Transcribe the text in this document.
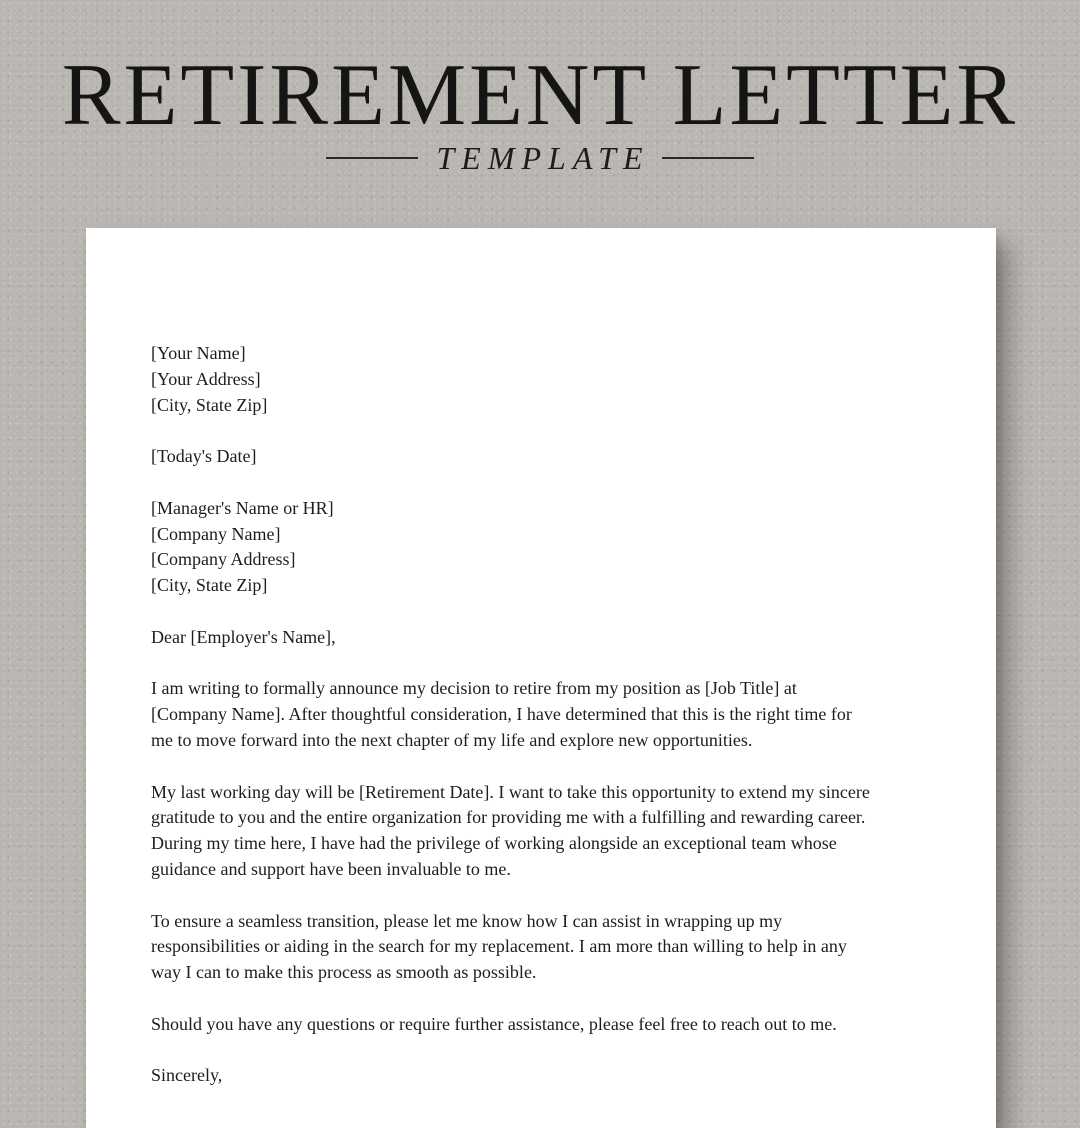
RETIREMENT LETTER
TEMPLATE
[Your Name]
[Your Address]
[City, State Zip]
[Today's Date]
[Manager's Name or HR]
[Company Name]
[Company Address]
[City, State Zip]
Dear [Employer's Name],
I am writing to formally announce my decision to retire from my position as [Job Title] at
[Company Name]. After thoughtful consideration, I have determined that this is the right time for
me to move forward into the next chapter of my life and explore new opportunities.
My last working day will be [Retirement Date]. I want to take this opportunity to extend my sincere
gratitude to you and the entire organization for providing me with a fulfilling and rewarding career.
During my time here, I have had the privilege of working alongside an exceptional team whose
guidance and support have been invaluable to me.
To ensure a seamless transition, please let me know how I can assist in wrapping up my
responsibilities or aiding in the search for my replacement. I am more than willing to help in any
way I can to make this process as smooth as possible.
Should you have any questions or require further assistance, please feel free to reach out to me.
Sincerely,
